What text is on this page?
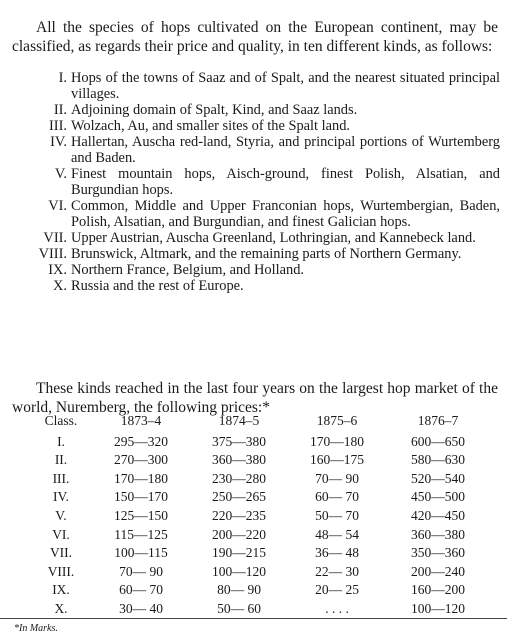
All the species of hops cultivated on the European continent, may be classified, as regards their price and quality, in ten different kinds, as follows:

I. Hops of the towns of Saaz and of Spalt, and the nearest situated principal villages.

II. Adjoining domain of Spalt, Kind, and Saaz lands.

III. Wolzach, Au, and smaller sites of the Spalt land.

IV. Hallertan, Auscha red-land, Styria, and principal portions of Wurtemberg and Baden.

V. Finest mountain hops, Aisch-ground, finest Polish, Alsatian, and Burgundian hops.

VI. Common, Middle and Upper Franconian hops, Wurtembergian, Baden, Polish, Alsatian, and Burgundian, and finest Galician hops.

VII. Upper Austrian, Auscha Greenland, Lothringian, and Kannebeck land.

VIII. Brunswick, Altmark, and the remaining parts of Northern Germany.

IX. Northern France, Belgium, and Holland.

X. Russia and the rest of Europe.

These kinds reached in the last four years on the largest hop market of the world, Nuremberg, the following prices:*

Class.	1873–4	1874–5	1875–6	1876–7
I.	295—320	375—380	170—180	600—650
II.	270—300	360—380	160—175	580—630
III.	170—180	230—280	70— 90	520—540
IV.	150—170	250—265	60— 70	450—500
V.	125—150	220—235	50— 70	420—450
VI.	115—125	200—220	48— 54	360—380
VII.	100—115	190—215	36— 48	350—360
VIII.	70— 90	100—120	22— 30	200—240
IX.	60— 70	80— 90	20— 25	160—200
X.	30— 40	50— 60	. . . .	100—120
*In Marks.
